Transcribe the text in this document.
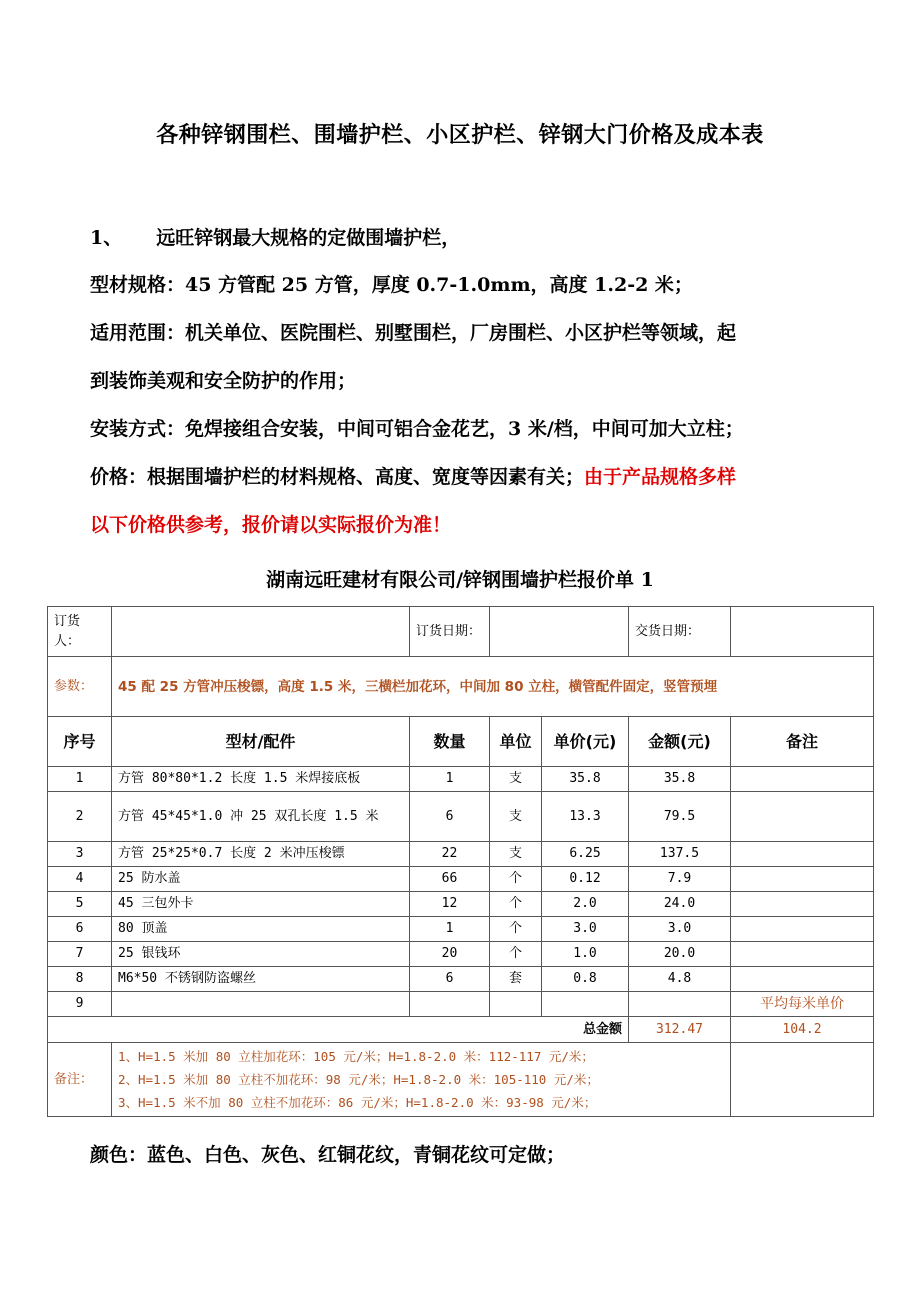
各种锌钢围栏、围墙护栏、小区护栏、锌钢大门价格及成本表
1、 远旺锌钢最大规格的定做围墙护栏，
型材规格：45 方管配 25 方管，厚度 0.7-1.0mm，高度 1.2-2 米；
适用范围：机关单位、医院围栏、别墅围栏，厂房围栏、小区护栏等领域，起
到装饰美观和安全防护的作用；
安装方式：免焊接组合安装，中间可铝合金花艺，3 米/档，中间可加大立柱；
价格：根据围墙护栏的材料规格、高度、宽度等因素有关；由于产品规格多样
以下价格供参考，报价请以实际报价为准！
湖南远旺建材有限公司/锌钢围墙护栏报价单 1
订货人：		订货日期：			交货日期：	
参数：	45 配 25 方管冲压梭镖，高度 1.5 米，三横栏加花环，中间加 80 立柱，横管配件固定，竖管预埋					
序号	型材/配件	数量	单位	单价(元)	金额(元)	备注
1	方管 80*80*1.2 长度 1.5 米焊接底板	1	支	35.8	35.8	
2	方管 45*45*1.0 冲 25 双孔长度 1.5 米	6	支	13.3	79.5	
3	方管 25*25*0.7 长度 2 米冲压梭镖	22	支	6.25	137.5	
4	25 防水盖	66	个	0.12	7.9	
5	45 三包外卡	12	个	2.0	24.0	
6	80 顶盖	1	个	3.0	3.0	
7	25 银钱环	20	个	1.0	20.0	
8	M6*50 不锈钢防盗螺丝	6	套	0.8	4.8	
9						平均每米单价
总金额					312.47	104.2
备注：	1、H=1.5 米加 80 立柱加花环：105 元/米；H=1.8-2.0 米：112-117 元/米；
2、H=1.5 米加 80 立柱不加花环：98 元/米；H=1.8-2.0 米：105-110 元/米；
3、H=1.5 米不加 80 立柱不加花环：86 元/米；H=1.8-2.0 米：93-98 元/米；					

颜色：蓝色、白色、灰色、红铜花纹，青铜花纹可定做；
